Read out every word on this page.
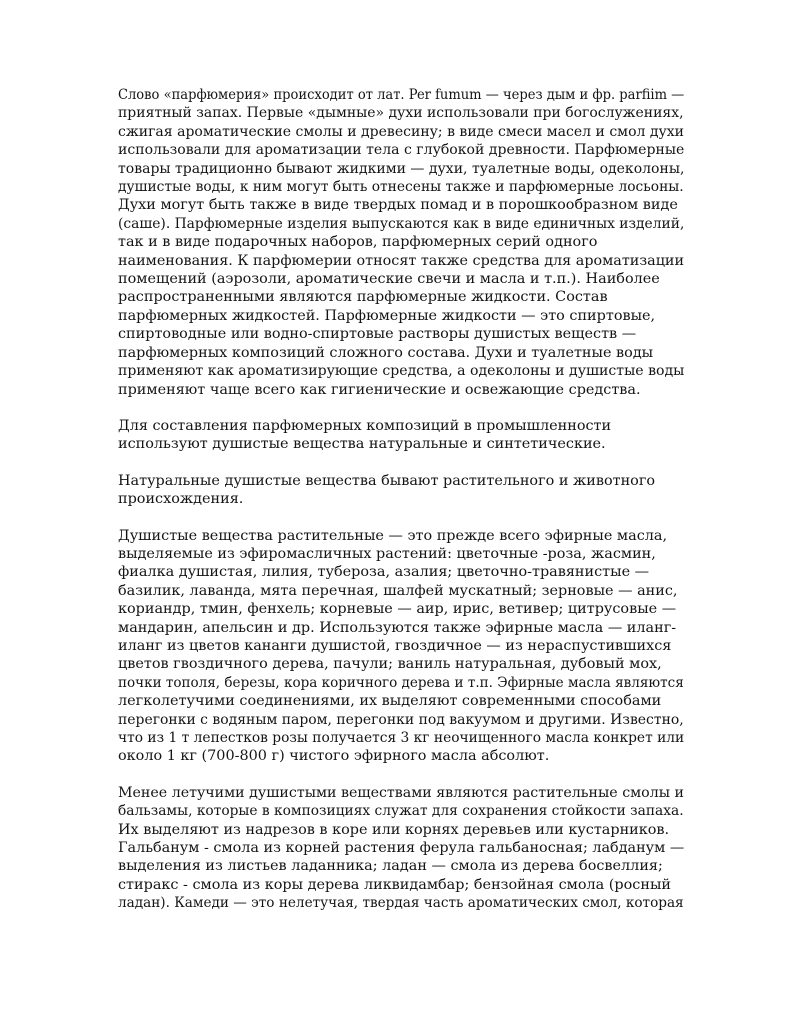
Слово «парфюмерия» происходит от лат. Per fumum — через дым и фр. parfiim —
приятный запах. Первые «дымные» духи использовали при богослужениях,
сжигая ароматические смолы и древесину; в виде смеси масел и смол духи
использовали для ароматизации тела с глубокой древности. Парфюмерные
товары традиционно бывают жидкими — духи, туалетные воды, одеколоны,
душистые воды, к ним могут быть отнесены также и парфюмерные лосьоны.
Духи могут быть также в виде твердых помад и в порошкообразном виде
(саше). Парфюмерные изделия выпускаются как в виде единичных изделий,
так и в виде подарочных наборов, парфюмерных серий одного
наименования. К парфюмерии относят также средства для ароматизации
помещений (аэрозоли, ароматические свечи и масла и т.п.). Наиболее
распространенными являются парфюмерные жидкости. Состав
парфюмерных жидкостей. Парфюмерные жидкости — это спиртовые,
спиртоводные или водно-спиртовые растворы душистых веществ —
парфюмерных композиций сложного состава. Духи и туалетные воды
применяют как ароматизирующие средства, а одеколоны и душистые воды
применяют чаще всего как гигиенические и освежающие средства.

Для составления парфюмерных композиций в промышленности
используют душистые вещества натуральные и синтетические.

Натуральные душистые вещества бывают растительного и животного
происхождения.

Душистые вещества растительные — это прежде всего эфирные масла,
выделяемые из эфиромасличных растений: цветочные -роза, жасмин,
фиалка душистая, лилия, тубероза, азалия; цветочно-травянистые —
базилик, лаванда, мята перечная, шалфей мускатный; зерновые — анис,
кориандр, тмин, фенхель; корневые — аир, ирис, ветивер; цитрусовые —
мандарин, апельсин и др. Используются также эфирные масла — иланг-
иланг из цветов кананги душистой, гвоздичное — из нераспустившихся
цветов гвоздичного дерева, пачули; ваниль натуральная, дубовый мох,
почки тополя, березы, кора коричного дерева и т.п. Эфирные масла являются
легколетучими соединениями, их выделяют современными способами
перегонки с водяным паром, перегонки под вакуумом и другими. Известно,
что из 1 т лепестков розы получается 3 кг неочищенного масла конкрет или
около 1 кг (700-800 г) чистого эфирного масла абсолют.

Менее летучими душистыми веществами являются растительные смолы и
бальзамы, которые в композициях служат для сохранения стойкости запаха.
Их выделяют из надрезов в коре или корнях деревьев или кустарников.
Гальбанум - смола из корней растения ферула гальбаносная; лабданум —
выделения из листьев ладанника; ладан — смола из дерева босвеллия;
стиракс - смола из коры дерева ликвидамбар; бензойная смола (росный
ладан). Камеди — это нелетучая, твердая часть ароматических смол, которая
